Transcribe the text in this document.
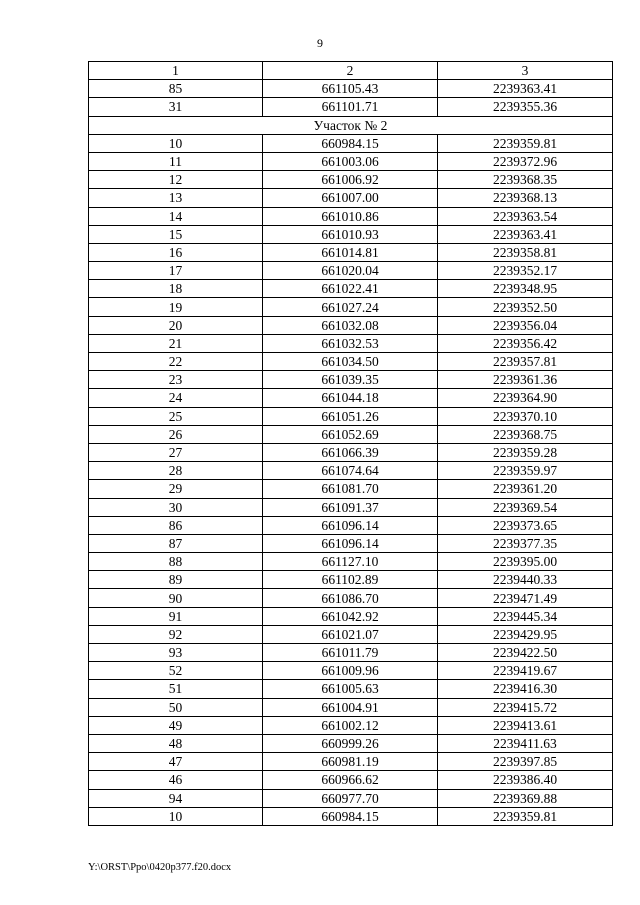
9
1	2	3
85	661105.43	2239363.41
31	661101.71	2239355.36
Участок № 2		
10	660984.15	2239359.81
11	661003.06	2239372.96
12	661006.92	2239368.35
13	661007.00	2239368.13
14	661010.86	2239363.54
15	661010.93	2239363.41
16	661014.81	2239358.81
17	661020.04	2239352.17
18	661022.41	2239348.95
19	661027.24	2239352.50
20	661032.08	2239356.04
21	661032.53	2239356.42
22	661034.50	2239357.81
23	661039.35	2239361.36
24	661044.18	2239364.90
25	661051.26	2239370.10
26	661052.69	2239368.75
27	661066.39	2239359.28
28	661074.64	2239359.97
29	661081.70	2239361.20
30	661091.37	2239369.54
86	661096.14	2239373.65
87	661096.14	2239377.35
88	661127.10	2239395.00
89	661102.89	2239440.33
90	661086.70	2239471.49
91	661042.92	2239445.34
92	661021.07	2239429.95
93	661011.79	2239422.50
52	661009.96	2239419.67
51	661005.63	2239416.30
50	661004.91	2239415.72
49	661002.12	2239413.61
48	660999.26	2239411.63
47	660981.19	2239397.85
46	660966.62	2239386.40
94	660977.70	2239369.88
10	660984.15	2239359.81
Y:\ORST\Ppo\0420p377.f20.docx
